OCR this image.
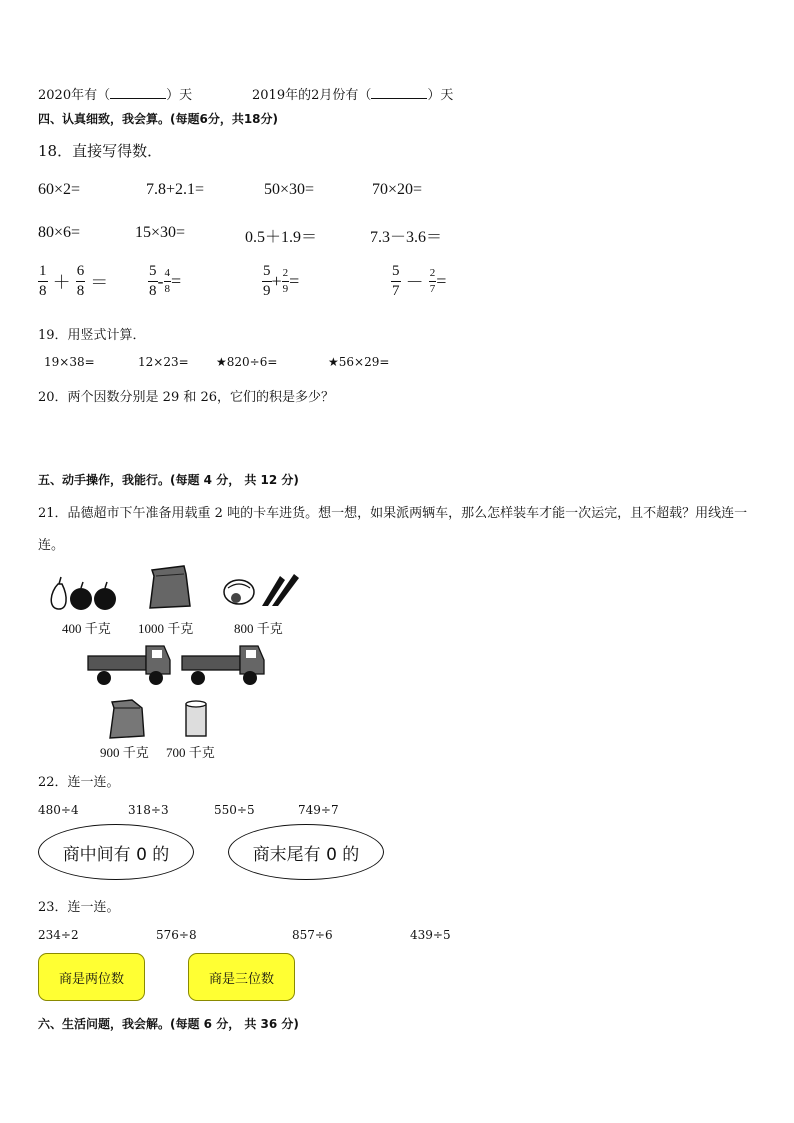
2020年有（	）天	2019年的2月份有（	）天
四、认真细致，我会算。(每题6分，共18分)
18．直接写得数．
60×2=	7.8+2.1=	50×30=	70×20=
80×6=	15×30=	0.5＋1.9＝	7.3－3.6＝
$\frac{1}{8} + \frac{6}{8}$ ＝	$\frac{5}{8} - \frac{4}{8}$ =	$\frac{5}{9} + \frac{2}{9}$ =	$\frac{5}{7} - \frac{2}{7}$ =
19．用竖式计算．
19×38=	12×23= ★820÷6=	★56×29=
20．两个因数分别是 29 和 26，它们的积是多少？
五、动手操作，我能行。(每题 4 分， 共 12 分)
21．品德超市下午准备用载重 2 吨的卡车进货。想一想，如果派两辆车，那么怎样装车才能一次运完，且不超载？用线连一连。
400 千克 1000 千克	800 千克
900 千克 700 千克
22．连一连。
480÷4	318÷3	550÷5	749÷7
商中间有 0 的	商末尾有 0 的
23．连一连。
234÷2	576÷8	857÷6	439÷5
商是两位数	商是三位数
六、生活问题，我会解。(每题 6 分， 共 36 分)
